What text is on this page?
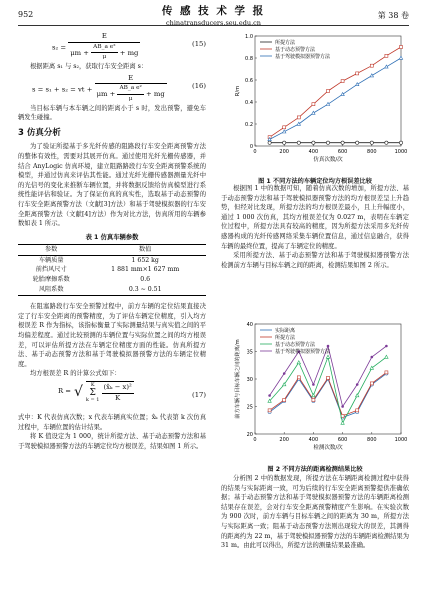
952	传 感 技 术 学 报
chinatransducers.seu.edu.cn
第 38 卷
$s_2 = \frac{E}{\mu m + \frac{\text{AB\_a e²}}{\mu} + mg}$	(15)

根据距离 s₁ 与 s₂，获取行车安全距离 s：

s = s₁ + s₂ = vt + $\frac{E}{\mu m + \frac{\text{AB\_a e²}}{\mu} + mg}$	(16)

当目标车辆与本车辆之间的距离小于 s 时，发出预警，避免车辆发生碰撞。

3 仿真分析

为了验证所提基于多光纤传感的阻路段行车安全距离预警方法的整体有效性，需要对其展开仿真。通过使用光纤光栅传感器，并结合 AnyLogic 仿真环境，建立阻路路段行车安全距离预警系统的模型，并通过仿真来评估其性能。通过光纤光栅传感器测量光纤中的光信号的变化来推断车辆位置，并将数据反馈给仿真模型进行系统性能评估和验证。为了保证仿真的真实性，选取基于动态预警的行车安全距离预警方法（文献[3]方法）和基于驾驶模拟器的行车安全距离预警方法（文献[4]方法）作为对比方法，仿真所用的车辆参数如表 1 所示。

表 1 仿真车辆参数
参数	数值
车辆质量	1 652 kg
前挡风尺寸	1 881 mm×1 627 mm
轮胎摩擦系数	0.6
风阻系数	0.3 ~ 0.51

在阻塞路段行车安全预警过程中，前方车辆的定位结果直接决定了行车安全距离的预警精度，为了评估车辆定位精度，引入均方根误差 R 作为指标，该指标衡量了实际测量结果与真实值之间的平均偏差程度。通过比较预测的车辆位置与实际位置之间的均方根误差，可以评估所提方法在车辆定位精度方面的性能。仿真所提方法、基于动态预警方法和基于驾驶模拟器预警方法的车辆定位精度。

均方根误差 R 的计算公式如下：

R = √ K
Σ
$k = 1 \frac{\text{(x̂ₖ − x)²}}{K}$	(17)

式中：K 代表仿真次数；x 代表车辆真实位置；x̂ₖ 代表第 k 次仿真过程中，车辆位置的估计结果。

将 K 值设定为 1 000，统计所提方法、基于动态预警方法和基于驾驶模拟器预警方法的车辆定位均方根误差，结果如图 1 所示。

0	200	400	600	800	1000
0
0.2
0.4
0.6
0.8
1.0
仿真次数/次
R/m
所提方法
基于动态预警方法
基于驾驶模拟器预警方法
图 1 不同方法的车辆定位均方根误差比较

根据图 1 中的数据可知，随着仿真次数的增加，所提方法、基于动态预警方法和基于驾驶模拟器预警方法的均方根误差呈上升趋势，但经对比发现，所提方法的均方根误差最小，且上升幅度小，通过 1 000 次仿真，其均方根误差仅为 0.027 m，表明在车辆定位过程中，所提方法具有较高的精度，因为所提方法采用多光纤传感器构成的光纤传感网络采集车辆位置信息，通过信息融合，获得车辆的最终位置，提高了车辆定位的精度。

采用所提方法、基于动态预警方法和基于驾驶模拟器预警方法检测前方车辆与目标车辆之间的距离，检测结果如图 2 所示。

0	200	400	600	800	1000
20
25
30
35
40
检测次数/次
前方车辆与目标车辆之间的距离/m
实际距离
所提方法
基于动态预警方法
基于驾驶模拟器预警方法
图 2 不同方法的距离检测结果比较

分析图 2 中的数据发现，所提方法在车辆距离检测过程中获得的结果与实际距离一致，可为后续的行车安全距离预警提供准确依据；基于动态预警方法和基于驾驶模拟器预警方法的车辆距离检测结果存在误差，会对行车安全距离预警精度产生影响。在实验次数为 900 次时，前方车辆与目标车辆之间的距离为 30 m，所提方法与实际距离一致；阻基于动态预警方法则出现较大的误差，其测得的距离约为 22 m，基于驾驶模拟器预警方法的车辆距离检测结果为 31 m。由此可以得出，所提方法的测量结果最准确。
